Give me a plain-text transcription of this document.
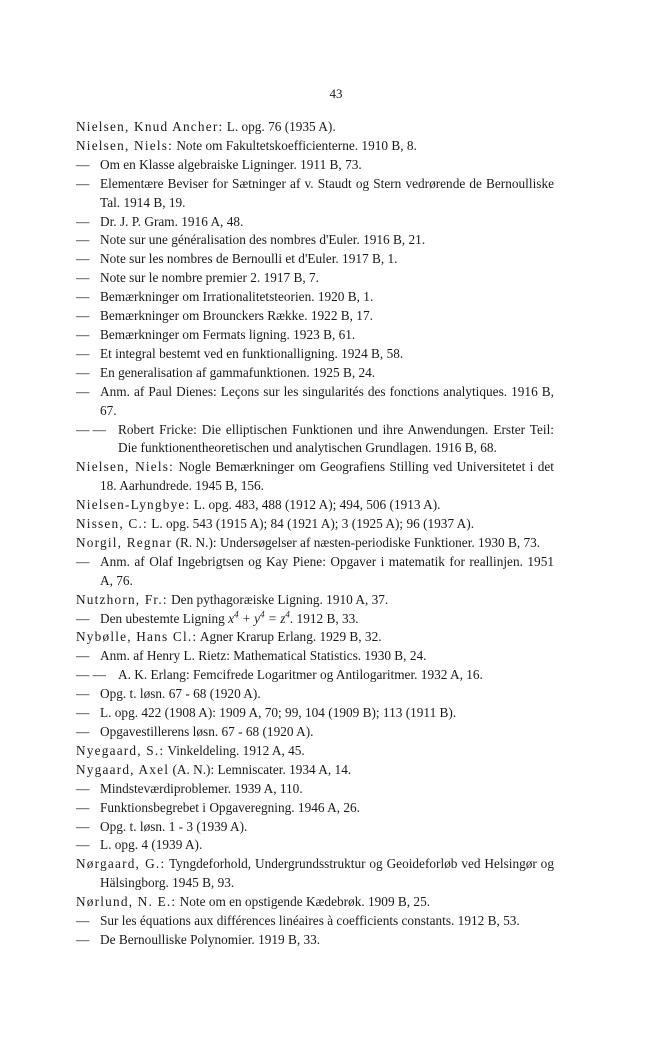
43
Nielsen, Knud Ancher: L. opg. 76 (1935 A).
Nielsen, Niels: Note om Fakultetskoefficienterne. 1910 B, 8.
— Om en Klasse algebraiske Ligninger. 1911 B, 73.
— Elementære Beviser for Sætninger af v. Staudt og Stern vedrørende de Bernoulliske Tal. 1914 B, 19.
— Dr. J. P. Gram. 1916 A, 48.
— Note sur une généralisation des nombres d'Euler. 1916 B, 21.
— Note sur les nombres de Bernoulli et d'Euler. 1917 B, 1.
— Note sur le nombre premier 2. 1917 B, 7.
— Bemærkninger om Irrationalitetsteorien. 1920 B, 1.
— Bemærkninger om Brounckers Række. 1922 B, 17.
— Bemærkninger om Fermats ligning. 1923 B, 61.
— Et integral bestemt ved en funktionalligning. 1924 B, 58.
— En generalisation af gammafunktionen. 1925 B, 24.
— Anm. af Paul Dienes: Leçons sur les singularités des fonctions analytiques. 1916 B, 67.
— — Robert Fricke: Die elliptischen Funktionen und ihre Anwendungen. Erster Teil: Die funktionentheoretischen und analytischen Grundlagen. 1916 B, 68.
Nielsen, Niels: Nogle Bemærkninger om Geografiens Stilling ved Universitetet i det 18. Aarhundrede. 1945 B, 156.
Nielsen-Lyngbye: L. opg. 483, 488 (1912 A); 494, 506 (1913 A).
Nissen, C.: L. opg. 543 (1915 A); 84 (1921 A); 3 (1925 A); 96 (1937 A).
Norgil, Regnar (R. N.): Undersøgelser af næsten-periodiske Funktioner. 1930 B, 73.
— Anm. af Olaf Ingebrigtsen og Kay Piene: Opgaver i matematik for reallinjen. 1951 A, 76.
Nutzhorn, Fr.: Den pythagoræiske Ligning. 1910 A, 37.
— Den ubestemte Ligning $x^4 + y^4 = z^4$. 1912 B, 33.
Nybølle, Hans Cl.: Agner Krarup Erlang. 1929 B, 32.
— Anm. af Henry L. Rietz: Mathematical Statistics. 1930 B, 24.
— — A. K. Erlang: Femcifrede Logaritmer og Antilogaritmer. 1932 A, 16.
— Opg. t. løsn. 67 - 68 (1920 A).
— L. opg. 422 (1908 A): 1909 A, 70; 99, 104 (1909 B); 113 (1911 B).
— Opgavestillerens løsn. 67 - 68 (1920 A).
Nyegaard, S.: Vinkeldeling. 1912 A, 45.
Nygaard, Axel (A. N.): Lemniscater. 1934 A, 14.
— Mindsteværdiproblemer. 1939 A, 110.
— Funktionsbegrebet i Opgaveregning. 1946 A, 26.
— Opg. t. løsn. 1 - 3 (1939 A).
— L. opg. 4 (1939 A).
Nørgaard, G.: Tyngdeforhold, Undergrundsstruktur og Geoideforløb ved Helsingør og Hälsingborg. 1945 B, 93.
Nørlund, N. E.: Note om en opstigende Kædebrøk. 1909 B, 25.
— Sur les équations aux différences linéaires à coefficients constants. 1912 B, 53.
— De Bernoulliske Polynomier. 1919 B, 33.
